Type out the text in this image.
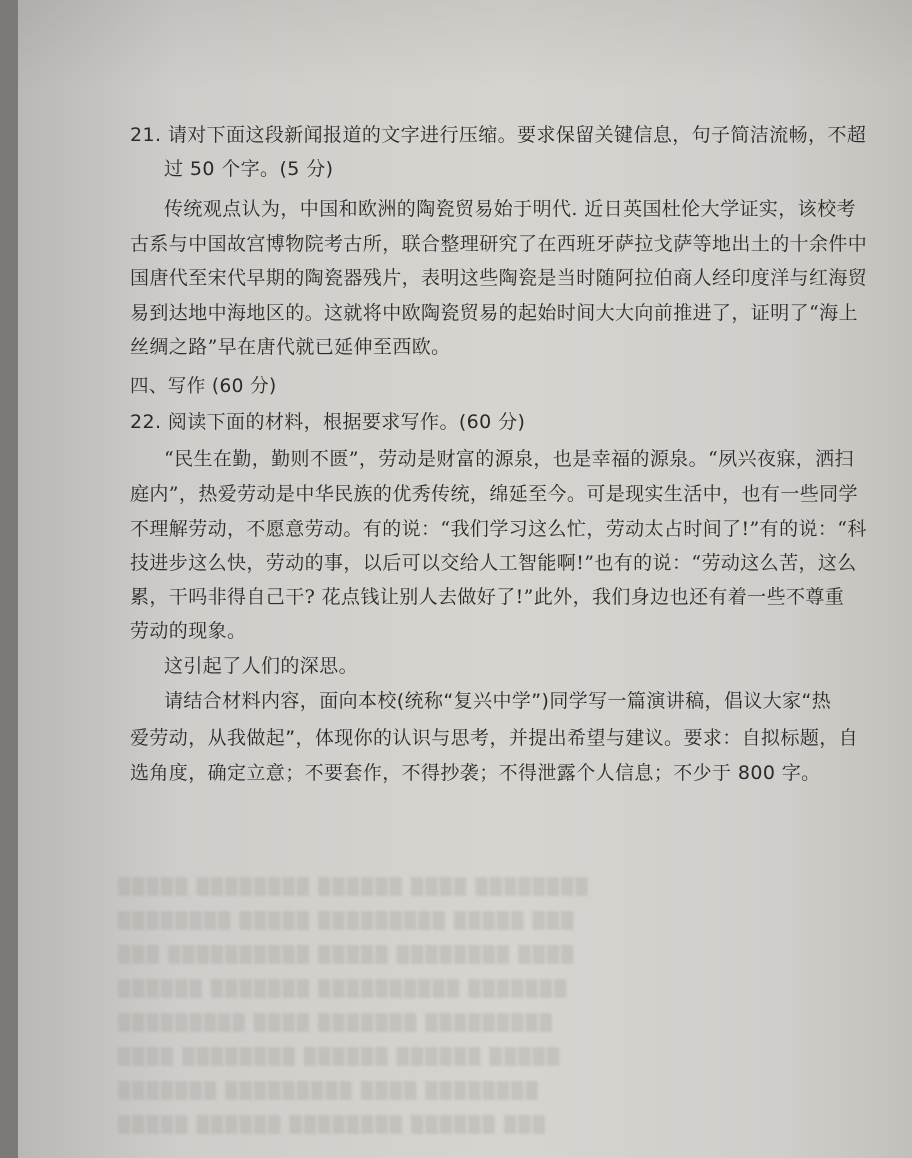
▒▒▒▒▒ ▒▒▒▒▒▒▒▒ ▒▒▒▒▒▒ ▒▒▒▒ ▒▒▒▒▒▒▒▒
▒▒▒▒▒▒▒▒ ▒▒▒▒▒ ▒▒▒▒▒▒▒▒▒ ▒▒▒▒▒ ▒▒▒
▒▒▒ ▒▒▒▒▒▒▒▒▒▒ ▒▒▒▒▒ ▒▒▒▒▒▒▒▒ ▒▒▒▒
▒▒▒▒▒▒ ▒▒▒▒▒▒▒ ▒▒▒▒▒▒▒▒▒▒ ▒▒▒▒▒▒▒
▒▒▒▒▒▒▒▒▒ ▒▒▒▒ ▒▒▒▒▒▒▒ ▒▒▒▒▒▒▒▒▒
▒▒▒▒ ▒▒▒▒▒▒▒▒ ▒▒▒▒▒▒ ▒▒▒▒▒▒ ▒▒▒▒▒
▒▒▒▒▒▒▒ ▒▒▒▒▒▒▒▒▒ ▒▒▒▒ ▒▒▒▒▒▒▒▒
▒▒▒▒▒ ▒▒▒▒▒▒ ▒▒▒▒▒▒▒▒ ▒▒▒▒▒▒ ▒▒▒
21. 请对下面这段新闻报道的文字进行压缩。要求保留关键信息，句子简洁流畅，不超
过 50 个字。(5 分)
传统观点认为，中国和欧洲的陶瓷贸易始于明代. 近日英国杜伦大学证实，该校考
古系与中国故宫博物院考古所，联合整理研究了在西班牙萨拉戈萨等地出土的十余件中
国唐代至宋代早期的陶瓷器残片，表明这些陶瓷是当时随阿拉伯商人经印度洋与红海贸
易到达地中海地区的。这就将中欧陶瓷贸易的起始时间大大向前推进了，证明了“海上
丝绸之路”早在唐代就已延伸至西欧。
四、写作 (60 分)
22. 阅读下面的材料，根据要求写作。(60 分)
“民生在勤，勤则不匮”，劳动是财富的源泉，也是幸福的源泉。“夙兴夜寐，洒扫
庭内”，热爱劳动是中华民族的优秀传统，绵延至今。可是现实生活中，也有一些同学
不理解劳动，不愿意劳动。有的说：“我们学习这么忙，劳动太占时间了!”有的说：“科
技进步这么快，劳动的事，以后可以交给人工智能啊!”也有的说：“劳动这么苦，这么
累，干吗非得自己干? 花点钱让别人去做好了!”此外，我们身边也还有着一些不尊重
劳动的现象。
这引起了人们的深思。
请结合材料内容，面向本校(统称“复兴中学”)同学写一篇演讲稿，倡议大家“热
爱劳动，从我做起”，体现你的认识与思考，并提出希望与建议。要求：自拟标题，自
选角度，确定立意；不要套作，不得抄袭；不得泄露个人信息；不少于 800 字。
